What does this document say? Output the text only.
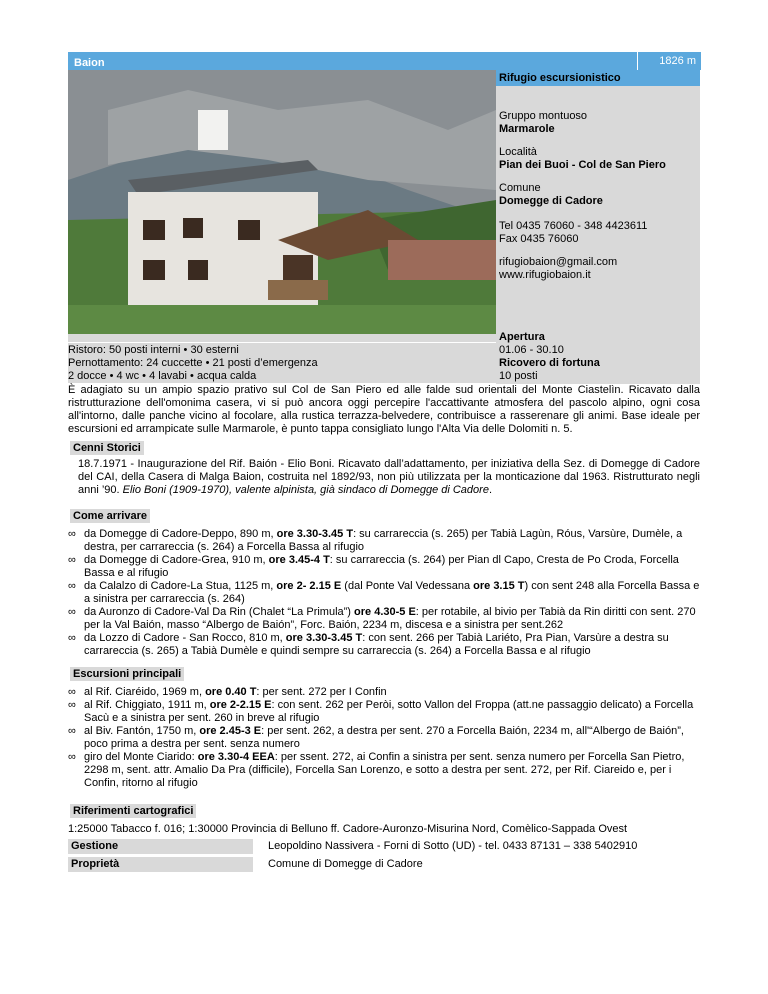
Baion	1826 m
Rifugio escursionistico
Gruppo montuoso
Marmarole
Località
Pian dei Buoi - Col de San Piero
Comune
Domegge di Cadore
Tel 0435 76060 - 348 4423611
Fax 0435 76060
rifugiobaion@gmail.com
www.rifugiobaion.it
Apertura
01.06 - 30.10
Ricovero di fortuna
10 posti
Ristoro: 50 posti interni • 30 esterni
Pernottamento: 24 cuccette • 21 posti d’emergenza
2 docce • 4 wc • 4 lavabi • acqua calda
È adagiato su un ampio spazio prativo sul Col de San Piero ed alle falde sud orientali del Monte Ciastelìn. Ricavato dalla ristrutturazione dell'omonima casera, vi si può ancora oggi percepire l'accattivante atmosfera del pascolo alpino, ogni cosa all'intorno, dalle panche vicino al focolare, alla rustica terrazza-belvedere, contribuisce a rasserenare gli animi. Base ideale per escursioni ed arrampicate sulle Marmarole, è punto tappa consigliato lungo l'Alta Via delle Dolomiti n. 5.
Cenni Storici
18.7.1971 - Inaugurazione del Rif. Baión - Elio Boni. Ricavato dall’adattamento, per iniziativa della Sez. di Domegge di Cadore del CAI, della Casera di Malga Baion, costruita nel 1892/93, non più utilizzata per la monticazione dal 1963. Ristrutturato negli anni ’90. Elio Boni (1909-1970), valente alpinista, già sindaco di Domegge di Cadore.
Come arrivare
∞ da Domegge di Cadore-Deppo, 890 m, ore 3.30-3.45 T: su carrareccia (s. 265) per Tabià Lagùn, Róus, Varsùre, Dumèle, a destra, per carrareccia (s. 264) a Forcella Bassa al rifugio
∞ da Domegge di Cadore-Grea, 910 m, ore 3.45-4 T: su carrareccia (s. 264) per Pian dl Capo, Cresta de Po Croda, Forcella Bassa e al rifugio
∞ da Calalzo di Cadore-La Stua, 1125 m, ore 2- 2.15 E (dal Ponte Val Vedessana ore 3.15 T) con sent 248 alla Forcella Bassa e a sinistra per carrareccia (s. 264)
∞ da Auronzo di Cadore-Val Da Rin (Chalet “La Primula”) ore 4.30-5 E: per rotabile, al bivio per Tabià da Rin diritti con sent. 270 per la Val Baión, masso “Albergo de Baión”, Forc. Baión, 2234 m, discesa e a sinistra per sent.262
∞ da Lozzo di Cadore - San Rocco, 810 m, ore 3.30-3.45 T: con sent. 266 per Tabià Lariéto, Pra Pian, Varsùre a destra su carrareccia (s. 265) a Tabià Dumèle e quindi sempre su carrareccia (s. 264) a Forcella Bassa e al rifugio
Escursioni principali
∞ al Rif. Ciaréido, 1969 m, ore 0.40 T: per sent. 272 per I Confin
∞ al Rif. Chiggiato, 1911 m, ore 2-2.15 E: con sent. 262 per Peròi, sotto Vallon del Froppa (att.ne passaggio delicato) a Forcella Sacù e a sinistra per sent. 260 in breve al rifugio
∞ al Biv. Fantón, 1750 m, ore 2.45-3 E: per sent. 262, a destra per sent. 270 a Forcella Baión, 2234 m, all'“Albergo de Baión”, poco prima a destra per sent. senza numero
∞ giro del Monte Ciarido: ore 3.30-4 EEA: per ssent. 272, ai Confin a sinistra per sent. senza numero per Forcella San Pietro, 2298 m, sent. attr. Amalio Da Pra (difficile), Forcella San Lorenzo, e sotto a destra per sent. 272, per Rif. Ciareido e, per i Confin, ritorno al rifugio
Riferimenti cartografici
1:25000 Tabacco f. 016; 1:30000 Provincia di Belluno ff. Cadore-Auronzo-Misurina Nord, Comèlico-Sappada Ovest
Gestione	Leopoldino Nassivera - Forni di Sotto (UD) - tel. 0433 87131 – 338 5402910
Proprietà	Comune di Domegge di Cadore
